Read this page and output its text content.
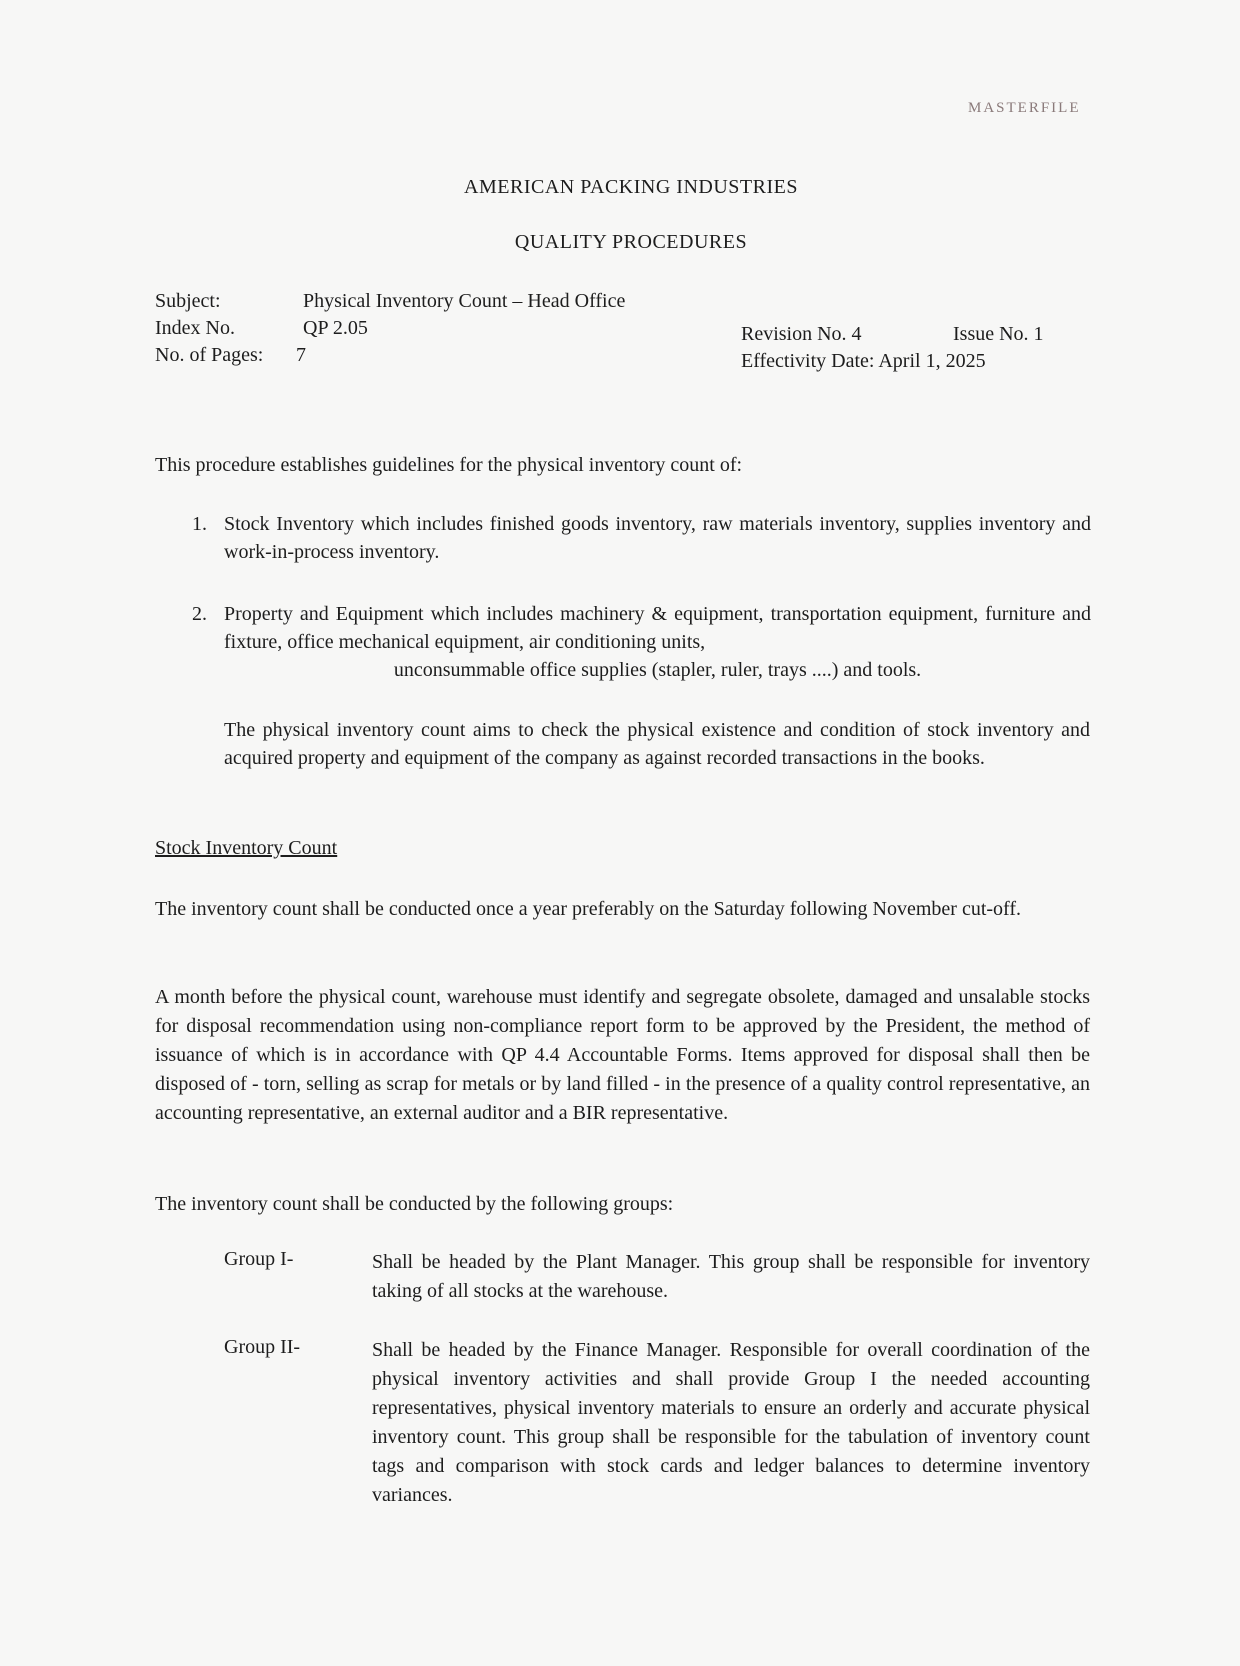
MASTERFILE
AMERICAN PACKING INDUSTRIES
QUALITY PROCEDURES
Subject:	Physical Inventory Count – Head Office
Index No.	QP 2.05
No. of Pages: 7
Revision No. 4	Issue No. 1
Effectivity Date: April 1, 2025
This procedure establishes guidelines for the physical inventory count of:
1. Stock Inventory which includes finished goods inventory, raw materials inventory, supplies inventory and work-in-process inventory.
2. Property and Equipment which includes machinery & equipment, transportation equipment, furniture and fixture, office mechanical equipment, air conditioning units,
unconsummable office supplies (stapler, ruler, trays ....) and tools.
The physical inventory count aims to check the physical existence and condition of stock inventory and acquired property and equipment of the company as against recorded transactions in the books.
Stock Inventory Count
The inventory count shall be conducted once a year preferably on the Saturday following November cut-off.
A month before the physical count, warehouse must identify and segregate obsolete, damaged and unsalable stocks for disposal recommendation using non-compliance report form to be approved by the President, the method of issuance of which is in accordance with QP 4.4 Accountable Forms. Items approved for disposal shall then be disposed of - torn, selling as scrap for metals or by land filled - in the presence of a quality control representative, an accounting representative, an external auditor and a BIR representative.
The inventory count shall be conducted by the following groups:
Group I-	Shall be headed by the Plant Manager. This group shall be responsible for inventory taking of all stocks at the warehouse.
Group II-	Shall be headed by the Finance Manager. Responsible for overall coordination of the physical inventory activities and shall provide Group I the needed accounting representatives, physical inventory materials to ensure an orderly and accurate physical inventory count. This group shall be responsible for the tabulation of inventory count tags and comparison with stock cards and ledger balances to determine inventory variances.
